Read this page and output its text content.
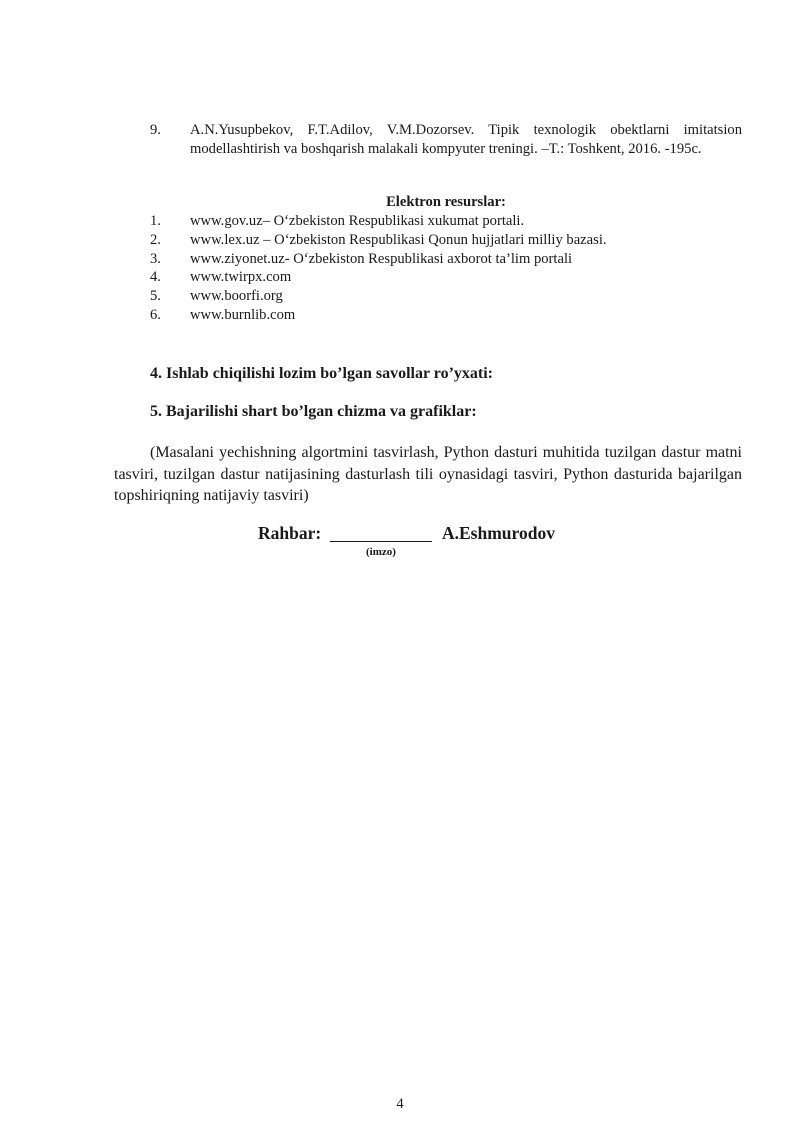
9.	A.N.Yusupbekov, F.T.Adilov, V.M.Dozorsev. Tipik texnologik obektlarni imitatsion modellashtirish va boshqarish malakali kompyuter treningi. –T.: Toshkent, 2016. -195c.
Elektron resurslar:
1.	www.gov.uz– O‘zbekiston Respublikasi xukumat portali.
2.	www.lex.uz – O‘zbekiston Respublikasi Qonun hujjatlari milliy bazasi.
3.	www.ziyonet.uz- O‘zbekiston Respublikasi axborot ta’lim portali
4.	www.twirpx.com
5.	www.boorfi.org
6.	www.burnlib.com
4. Ishlab chiqilishi lozim bo’lgan savollar ro’yxati:
5. Bajarilishi shart bo’lgan chizma va grafiklar:
(Masalani yechishning algortmini tasvirlash, Python dasturi muhitida tuzilgan dastur matni tasviri, tuzilgan dastur natijasining dasturlash tili oynasidagi tasviri, Python dasturida bajarilgan topshiriqning natijaviy tasviri)
Rahbar:	A.Eshmurodov
(imzo)
4
